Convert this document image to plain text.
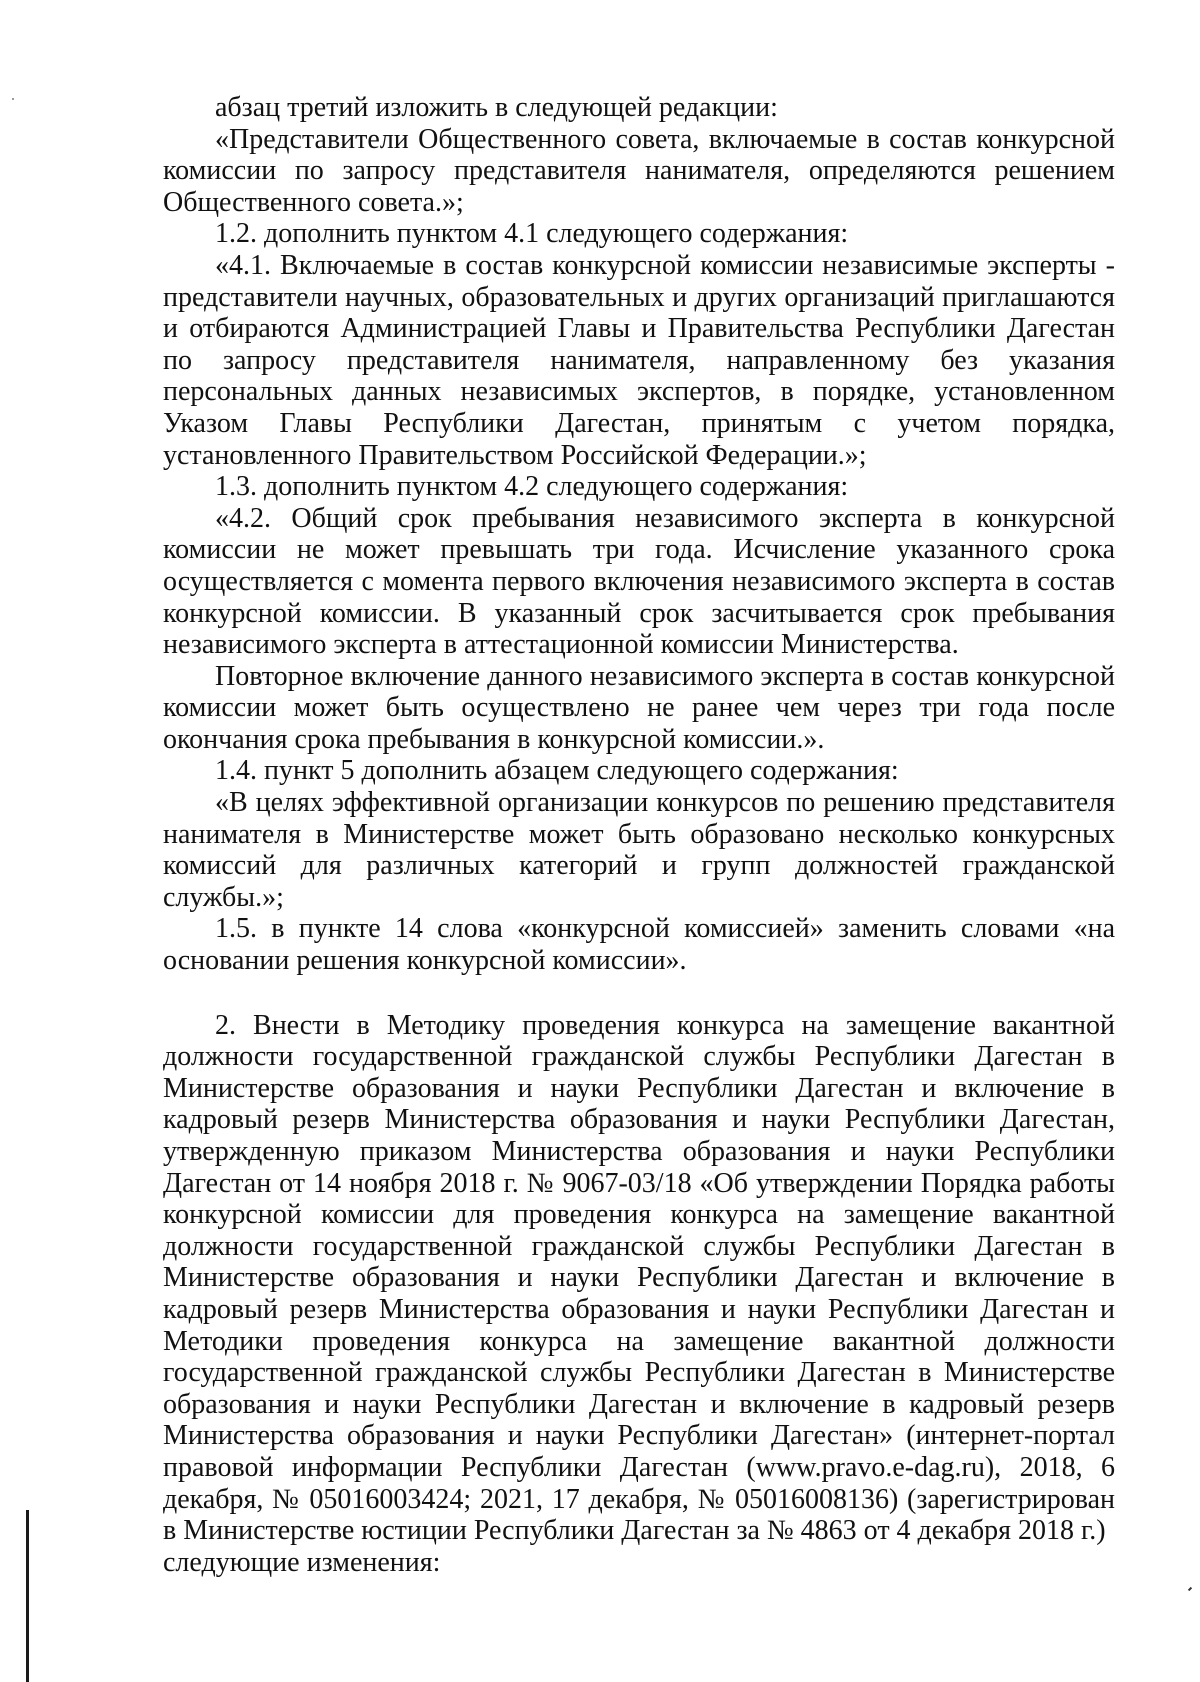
абзац третий изложить в следующей редакции:

«Представители Общественного совета, включаемые в состав конкурсной комиссии по запросу представителя нанимателя, определяются решением Общественного совета.»;

1.2. дополнить пунктом 4.1 следующего содержания:

«4.1. Включаемые в состав конкурсной комиссии независимые эксперты - представители научных, образовательных и других организаций приглашаются и отбираются Администрацией Главы и Правительства Республики Дагестан по запросу представителя нанимателя, направленному без указания персональных данных независимых экспертов, в порядке, установленном Указом Главы Республики Дагестан, принятым с учетом порядка, установленного Правительством Российской Федерации.»;

1.3. дополнить пунктом 4.2 следующего содержания:

«4.2. Общий срок пребывания независимого эксперта в конкурсной комиссии не может превышать три года. Исчисление указанного срока осуществляется с момента первого включения независимого эксперта в состав конкурсной комиссии. В указанный срок засчитывается срок пребывания независимого эксперта в аттестационной комиссии Министерства.

Повторное включение данного независимого эксперта в состав конкурсной комиссии может быть осуществлено не ранее чем через три года после окончания срока пребывания в конкурсной комиссии.».

1.4. пункт 5 дополнить абзацем следующего содержания:

«В целях эффективной организации конкурсов по решению представителя нанимателя в Министерстве может быть образовано несколько конкурсных комиссий для различных категорий и групп должностей гражданской службы.»;

1.5. в пункте 14 слова «конкурсной комиссией» заменить словами «на основании решения конкурсной комиссии».

2. Внести в Методику проведения конкурса на замещение вакантной должности государственной гражданской службы Республики Дагестан в Министерстве образования и науки Республики Дагестан и включение в кадровый резерв Министерства образования и науки Республики Дагестан, утвержденную приказом Министерства образования и науки Республики Дагестан от 14 ноября 2018 г. № 9067-03/18 «Об утверждении Порядка работы конкурсной комиссии для проведения конкурса на замещение вакантной должности государственной гражданской службы Республики Дагестан в Министерстве образования и науки Республики Дагестан и включение в кадровый резерв Министерства образования и науки Республики Дагестан и Методики проведения конкурса на замещение вакантной должности государственной гражданской службы Республики Дагестан в Министерстве образования и науки Республики Дагестан и включение в кадровый резерв Министерства образования и науки Республики Дагестан» (интернет-портал правовой информации Республики Дагестан (www.pravo.e-dag.ru), 2018, 6 декабря, № 05016003424; 2021, 17 декабря, № 05016008136) (зарегистрирован в Министерстве юстиции Республики Дагестан за № 4863 от 4 декабря 2018 г.)

следующие изменения:
